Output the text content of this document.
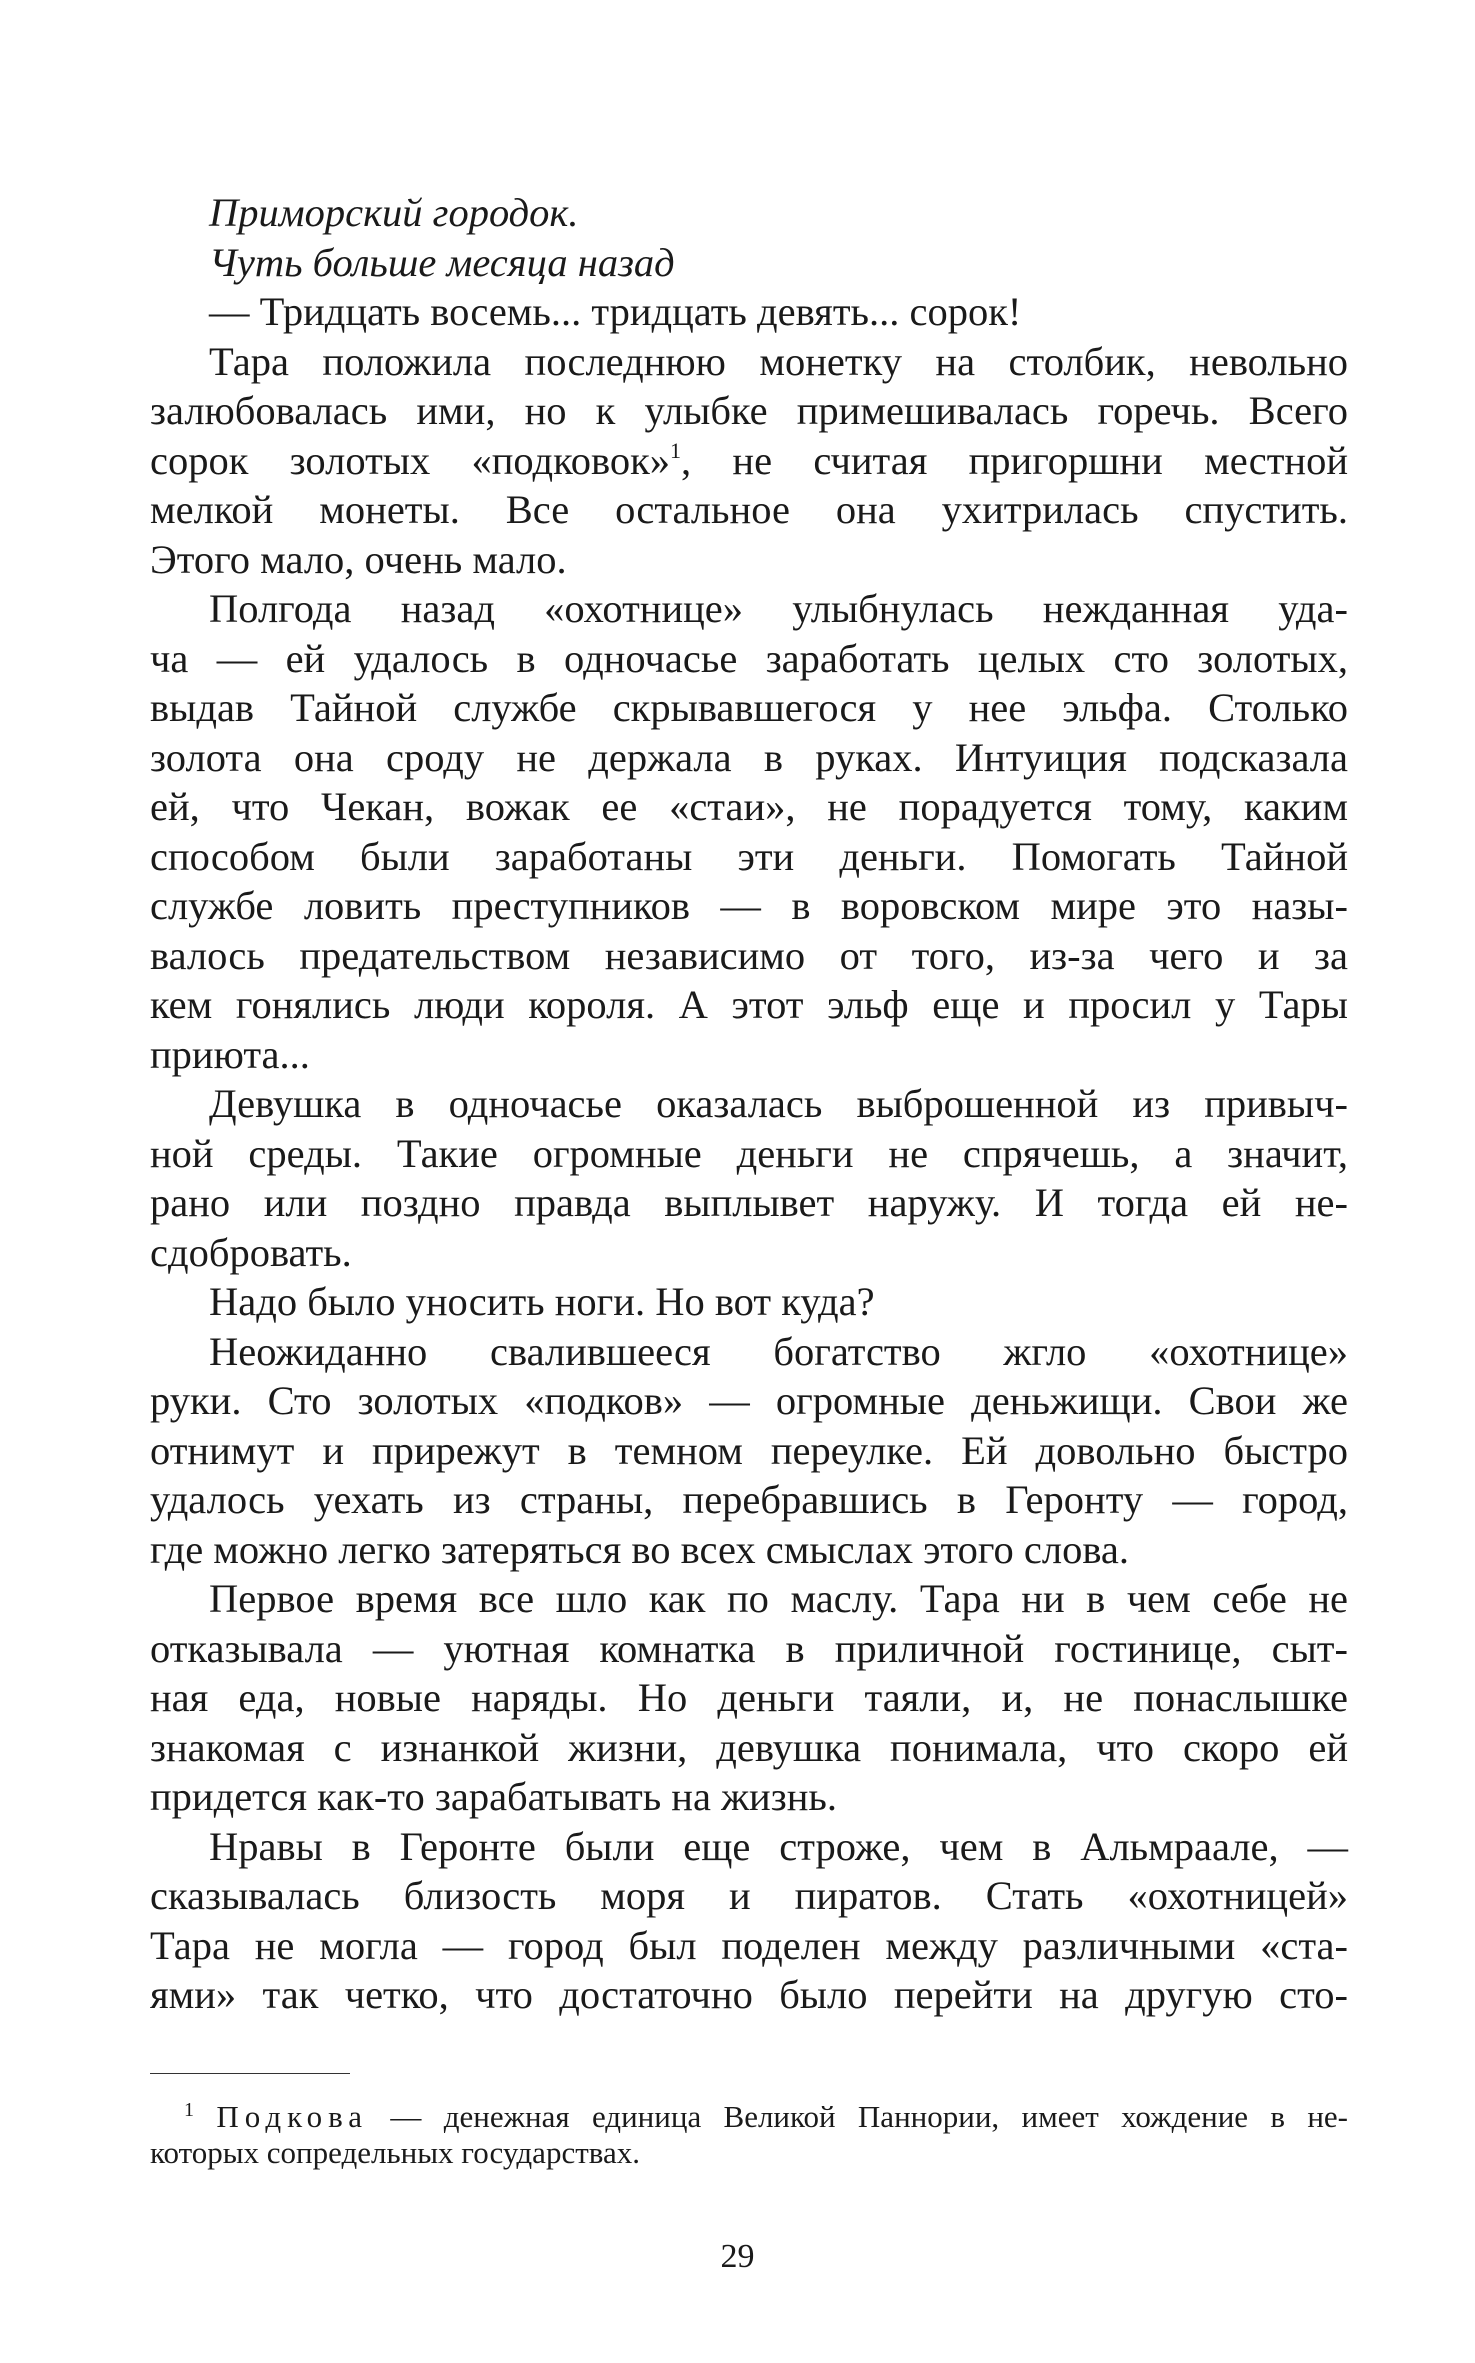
Приморский городок.
Чуть больше месяца назад
— Тридцать восемь... тридцать девять... сорок!
Тара положила последнюю монетку на столбик, невольно
залюбовалась ими, но к улыбке примешивалась горечь. Всего
сорок золотых «подковок»$^1$, не считая пригоршни местной
мелкой монеты. Все остальное она ухитрилась спустить.
Этого мало, очень мало.
Полгода назад «охотнице» улыбнулась нежданная уда-
ча — ей удалось в одночасье заработать целых сто золотых,
выдав Тайной службе скрывавшегося у нее эльфа. Столько
золота она сроду не держала в руках. Интуиция подсказала
ей, что Чекан, вожак ее «стаи», не порадуется тому, каким
способом были заработаны эти деньги. Помогать Тайной
службе ловить преступников — в воровском мире это назы-
валось предательством независимо от того, из-за чего и за
кем гонялись люди короля. А этот эльф еще и просил у Тары
приюта...
Девушка в одночасье оказалась выброшенной из привыч-
ной среды. Такие огромные деньги не спрячешь, а значит,
рано или поздно правда выплывет наружу. И тогда ей не-
сдобровать.
Надо было уносить ноги. Но вот куда?
Неожиданно свалившееся богатство жгло «охотнице»
руки. Сто золотых «подков» — огромные деньжищи. Свои же
отнимут и прирежут в темном переулке. Ей довольно быстро
удалось уехать из страны, перебравшись в Геронту — город,
где можно легко затеряться во всех смыслах этого слова.
Первое время все шло как по маслу. Тара ни в чем себе не
отказывала — уютная комнатка в приличной гостинице, сыт-
ная еда, новые наряды. Но деньги таяли, и, не понаслышке
знакомая с изнанкой жизни, девушка понимала, что скоро ей
придется как-то зарабатывать на жизнь.
Нравы в Геронте были еще строже, чем в Альмраале, —
сказывалась близость моря и пиратов. Стать «охотницей»
Тара не могла — город был поделен между различными «ста-
ями» так четко, что достаточно было перейти на другую сто-
$^1$ Подкова — денежная единица Великой Паннории, имеет хождение в не-
которых сопредельных государствах.
29
